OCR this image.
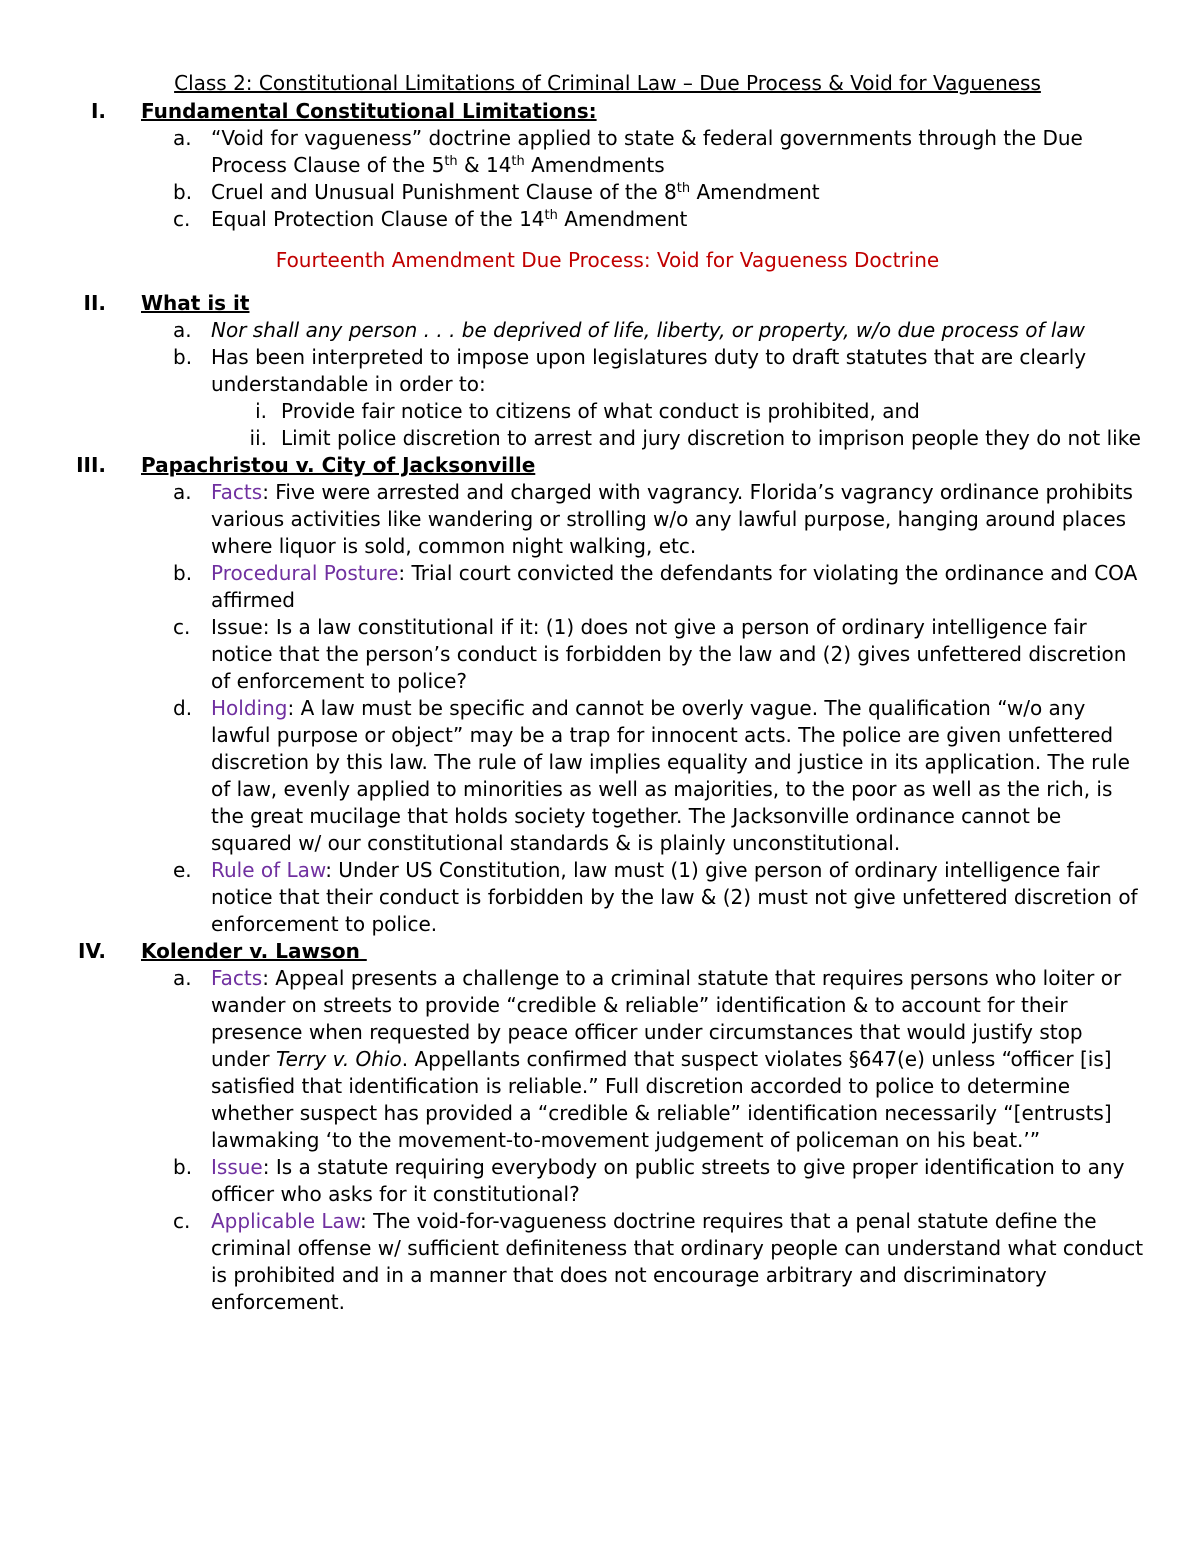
Class 2: Constitutional Limitations of Criminal Law – Due Process & Void for Vagueness

I. Fundamental Constitutional Limitations:
a. “Void for vagueness” doctrine applied to state & federal governments through the Due Process Clause of the 5th & 14th Amendments
b. Cruel and Unusual Punishment Clause of the 8th Amendment
c. Equal Protection Clause of the 14th Amendment
Fourteenth Amendment Due Process: Void for Vagueness Doctrine
II. What is it
a. Nor shall any person . . . be deprived of life, liberty, or property, w/o due process of law
b. Has been interpreted to impose upon legislatures duty to draft statutes that are clearly understandable in order to:
i. Provide fair notice to citizens of what conduct is prohibited, and
ii. Limit police discretion to arrest and jury discretion to imprison people they do not like
III. Papachristou v. City of Jacksonville
a. Facts: Five were arrested and charged with vagrancy. Florida’s vagrancy ordinance prohibits various activities like wandering or strolling w/o any lawful purpose, hanging around places where liquor is sold, common night walking, etc.
b. Procedural Posture: Trial court convicted the defendants for violating the ordinance and COA affirmed
c. Issue: Is a law constitutional if it: (1) does not give a person of ordinary intelligence fair notice that the person’s conduct is forbidden by the law and (2) gives unfettered discretion of enforcement to police?
d. Holding: A law must be specific and cannot be overly vague. The qualification “w/o any lawful purpose or object” may be a trap for innocent acts. The police are given unfettered discretion by this law. The rule of law implies equality and justice in its application. The rule of law, evenly applied to minorities as well as majorities, to the poor as well as the rich, is the great mucilage that holds society together. The Jacksonville ordinance cannot be squared w/ our constitutional standards & is plainly unconstitutional.
e. Rule of Law: Under US Constitution, law must (1) give person of ordinary intelligence fair notice that their conduct is forbidden by the law & (2) must not give unfettered discretion of enforcement to police.
IV. Kolender v. Lawson
a. Facts: Appeal presents a challenge to a criminal statute that requires persons who loiter or wander on streets to provide “credible & reliable” identification & to account for their presence when requested by peace officer under circumstances that would justify stop under Terry v. Ohio. Appellants confirmed that suspect violates §647(e) unless “officer [is] satisfied that identification is reliable.” Full discretion accorded to police to determine whether suspect has provided a “credible & reliable” identification necessarily “[entrusts] lawmaking ‘to the movement-to-movement judgement of policeman on his beat.’”
b. Issue: Is a statute requiring everybody on public streets to give proper identification to any officer who asks for it constitutional?
c. Applicable Law: The void-for-vagueness doctrine requires that a penal statute define the criminal offense w/ sufficient definiteness that ordinary people can understand what conduct is prohibited and in a manner that does not encourage arbitrary and discriminatory enforcement.
